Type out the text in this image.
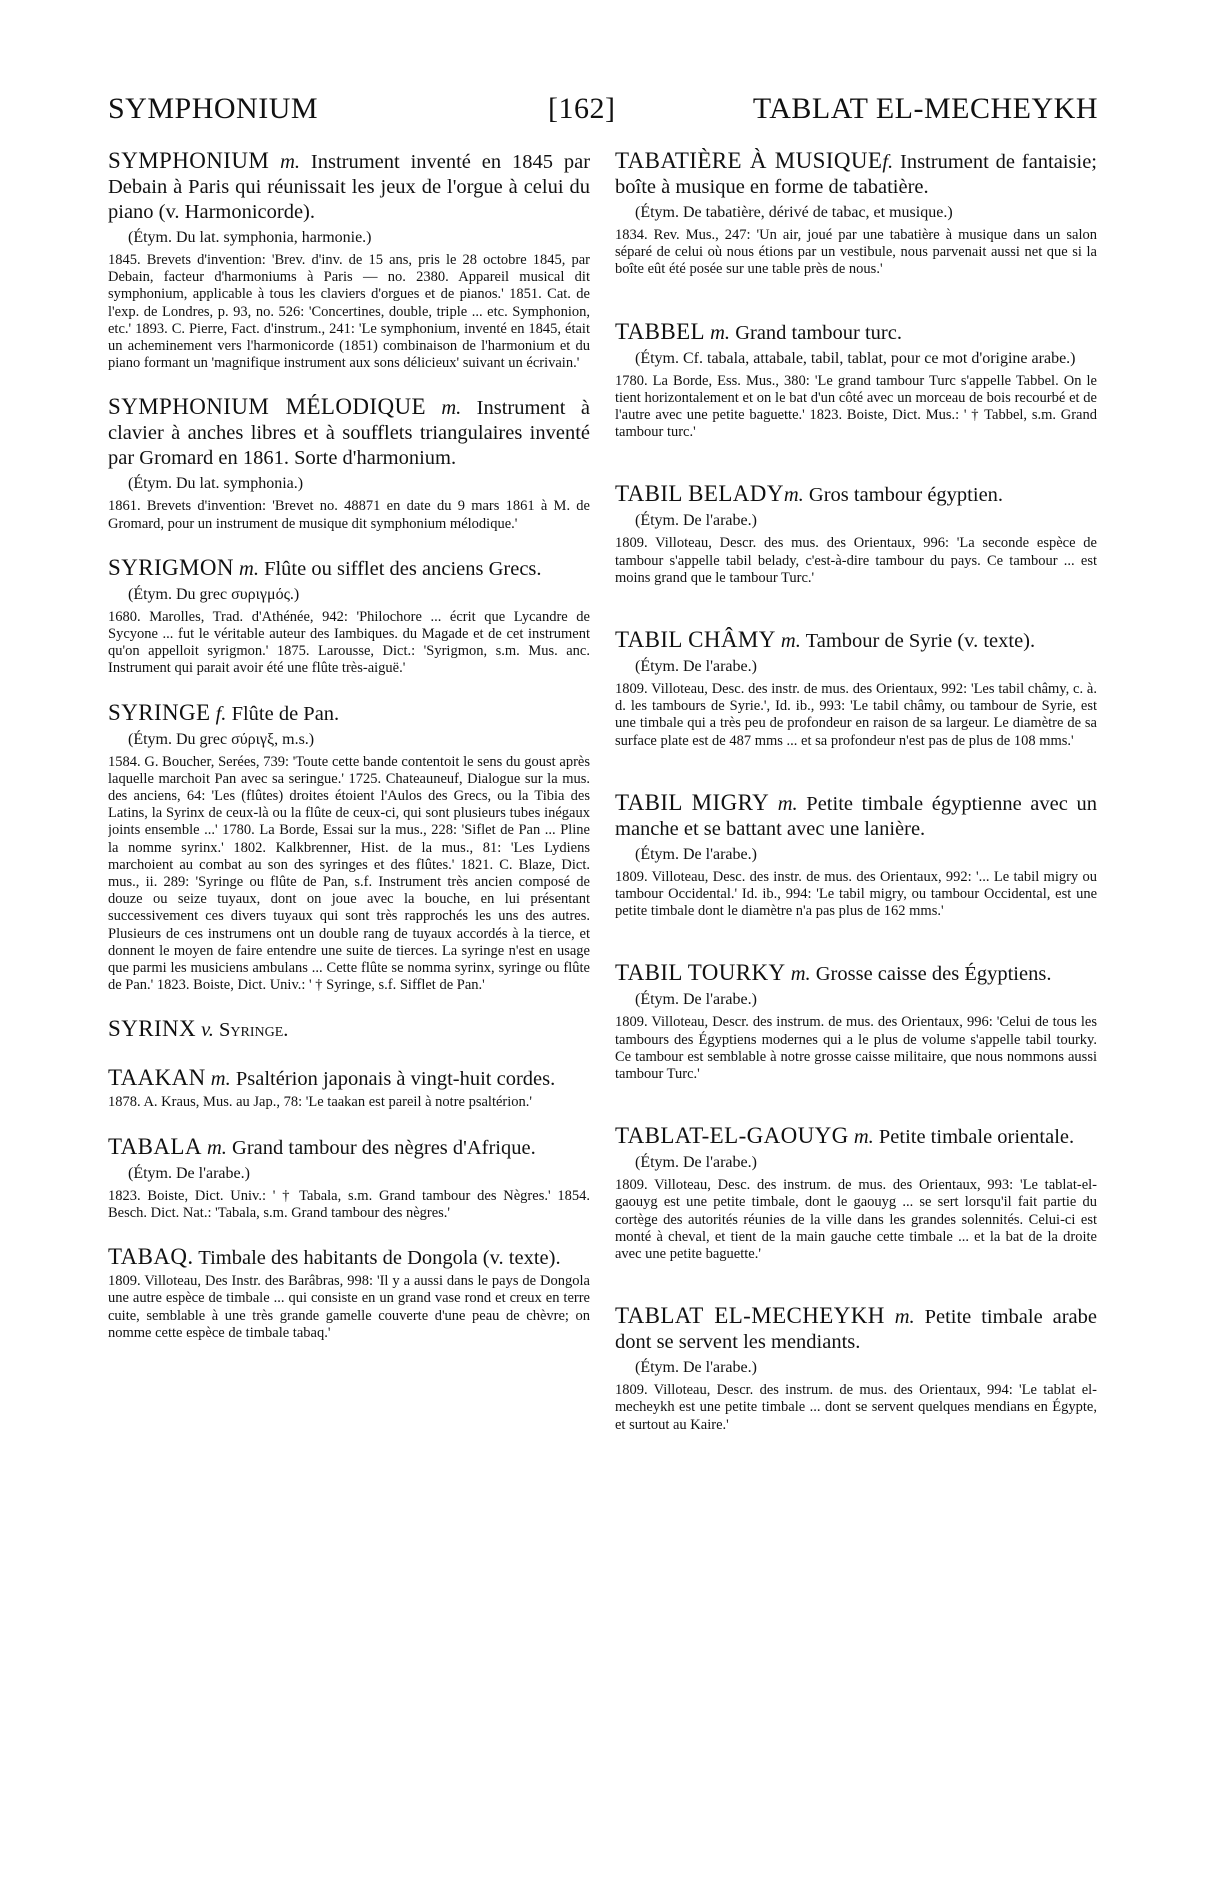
SYMPHONIUM	[162]	TABLAT EL-MECHEYKH

SYMPHONIUM m. Instrument inventé en 1845 par Debain à Paris qui réunissait les jeux de l'orgue à celui du piano (v. Harmonicorde).

(Étym. Du lat. symphonia, harmonie.)

1845. Brevets d'invention: 'Brev. d'inv. de 15 ans, pris le 28 octobre 1845, par Debain, facteur d'harmoniums à Paris — no. 2380. Appareil musical dit symphonium, applicable à tous les claviers d'orgues et de pianos.' 1851. Cat. de l'exp. de Londres, p. 93, no. 526: 'Concertines, double, triple ... etc. Symphonion, etc.' 1893. C. Pierre, Fact. d'instrum., 241: 'Le symphonium, inventé en 1845, était un acheminement vers l'harmonicorde (1851) combinaison de l'harmonium et du piano formant un 'magnifique instrument aux sons délicieux' suivant un écrivain.'

SYMPHONIUM MÉLODIQUE m. Instrument à clavier à anches libres et à soufflets triangulaires inventé par Gromard en 1861. Sorte d'harmonium.

(Étym. Du lat. symphonia.)

1861. Brevets d'invention: 'Brevet no. 48871 en date du 9 mars 1861 à M. de Gromard, pour un instrument de musique dit symphonium mélodique.'

SYRIGMON m. Flûte ou sifflet des anciens Grecs.

(Étym. Du grec συριγμός.)

1680. Marolles, Trad. d'Athénée, 942: 'Philochore ... écrit que Lycandre de Sycyone ... fut le véritable auteur des Iambiques. du Magade et de cet instrument qu'on appelloit syrigmon.' 1875. Larousse, Dict.: 'Syrigmon, s.m. Mus. anc. Instrument qui parait avoir été une flûte très-aiguë.'

SYRINGE f. Flûte de Pan.

(Étym. Du grec σύριγξ, m.s.)

1584. G. Boucher, Serées, 739: 'Toute cette bande contentoit le sens du goust après laquelle marchoit Pan avec sa seringue.' 1725. Chateauneuf, Dialogue sur la mus. des anciens, 64: 'Les (flûtes) droites étoient l'Aulos des Grecs, ou la Tibia des Latins, la Syrinx de ceux-là ou la flûte de ceux-ci, qui sont plusieurs tubes inégaux joints ensemble ...' 1780. La Borde, Essai sur la mus., 228: 'Siflet de Pan ... Pline la nomme syrinx.' 1802. Kalkbrenner, Hist. de la mus., 81: 'Les Lydiens marchoient au combat au son des syringes et des flûtes.' 1821. C. Blaze, Dict. mus., ii. 289: 'Syringe ou flûte de Pan, s.f. Instrument très ancien composé de douze ou seize tuyaux, dont on joue avec la bouche, en lui présentant successivement ces divers tuyaux qui sont très rapprochés les uns des autres. Plusieurs de ces instrumens ont un double rang de tuyaux accordés à la tierce, et donnent le moyen de faire entendre une suite de tierces. La syringe n'est en usage que parmi les musiciens ambulans ... Cette flûte se nomma syrinx, syringe ou flûte de Pan.' 1823. Boiste, Dict. Univ.: ' † Syringe, s.f. Sifflet de Pan.'

SYRINX v. Syringe.

TAAKAN m. Psaltérion japonais à vingt-huit cordes.

1878. A. Kraus, Mus. au Jap., 78: 'Le taakan est pareil à notre psaltérion.'

TABALA m. Grand tambour des nègres d'Afrique.

(Étym. De l'arabe.)

1823. Boiste, Dict. Univ.: ' † Tabala, s.m. Grand tambour des Nègres.' 1854. Besch. Dict. Nat.: 'Tabala, s.m. Grand tambour des nègres.'

TABAQ. Timbale des habitants de Dongola (v. texte).

1809. Villoteau, Des Instr. des Barâbras, 998: 'Il y a aussi dans le pays de Dongola une autre espèce de timbale ... qui consiste en un grand vase rond et creux en terre cuite, semblable à une très grande gamelle couverte d'une peau de chèvre; on nomme cette espèce de timbale tabaq.'

TABATIÈRE À MUSIQUEf. Instrument de fantaisie; boîte à musique en forme de tabatière.

(Étym. De tabatière, dérivé de tabac, et musique.)

1834. Rev. Mus., 247: 'Un air, joué par une tabatière à musique dans un salon séparé de celui où nous étions par un vestibule, nous parvenait aussi net que si la boîte eût été posée sur une table près de nous.'

TABBEL m. Grand tambour turc.

(Étym. Cf. tabala, attabale, tabil, tablat, pour ce mot d'origine arabe.)

1780. La Borde, Ess. Mus., 380: 'Le grand tambour Turc s'appelle Tabbel. On le tient horizontalement et on le bat d'un côté avec un morceau de bois recourbé et de l'autre avec une petite baguette.' 1823. Boiste, Dict. Mus.: ' † Tabbel, s.m. Grand tambour turc.'

TABIL BELADYm. Gros tambour égyptien.

(Étym. De l'arabe.)

1809. Villoteau, Descr. des mus. des Orientaux, 996: 'La seconde espèce de tambour s'appelle tabil belady, c'est-à-dire tambour du pays. Ce tambour ... est moins grand que le tambour Turc.'

TABIL CHÂMY m. Tambour de Syrie (v. texte).

(Étym. De l'arabe.)

1809. Villoteau, Desc. des instr. de mus. des Orientaux, 992: 'Les tabil châmy, c. à. d. les tambours de Syrie.', Id. ib., 993: 'Le tabil châmy, ou tambour de Syrie, est une timbale qui a très peu de profondeur en raison de sa largeur. Le diamètre de sa surface plate est de 487 mms ... et sa profondeur n'est pas de plus de 108 mms.'

TABIL MIGRY m. Petite timbale égyptienne avec un manche et se battant avec une lanière.

(Étym. De l'arabe.)

1809. Villoteau, Desc. des instr. de mus. des Orientaux, 992: '... Le tabil migry ou tambour Occidental.' Id. ib., 994: 'Le tabil migry, ou tambour Occidental, est une petite timbale dont le diamètre n'a pas plus de 162 mms.'

TABIL TOURKY m. Grosse caisse des Égyptiens.

(Étym. De l'arabe.)

1809. Villoteau, Descr. des instrum. de mus. des Orientaux, 996: 'Celui de tous les tambours des Égyptiens modernes qui a le plus de volume s'appelle tabil tourky. Ce tambour est semblable à notre grosse caisse militaire, que nous nommons aussi tambour Turc.'

TABLAT-EL-GAOUYG m. Petite timbale orientale.

(Étym. De l'arabe.)

1809. Villoteau, Desc. des instrum. de mus. des Orientaux, 993: 'Le tablat-el-gaouyg est une petite timbale, dont le gaouyg ... se sert lorsqu'il fait partie du cortège des autorités réunies de la ville dans les grandes solennités. Celui-ci est monté à cheval, et tient de la main gauche cette timbale ... et la bat de la droite avec une petite baguette.'

TABLAT EL-MECHEYKH m. Petite timbale arabe dont se servent les mendiants.

(Étym. De l'arabe.)

1809. Villoteau, Descr. des instrum. de mus. des Orientaux, 994: 'Le tablat el-mecheykh est une petite timbale ... dont se servent quelques mendians en Égypte, et surtout au Kaire.'
